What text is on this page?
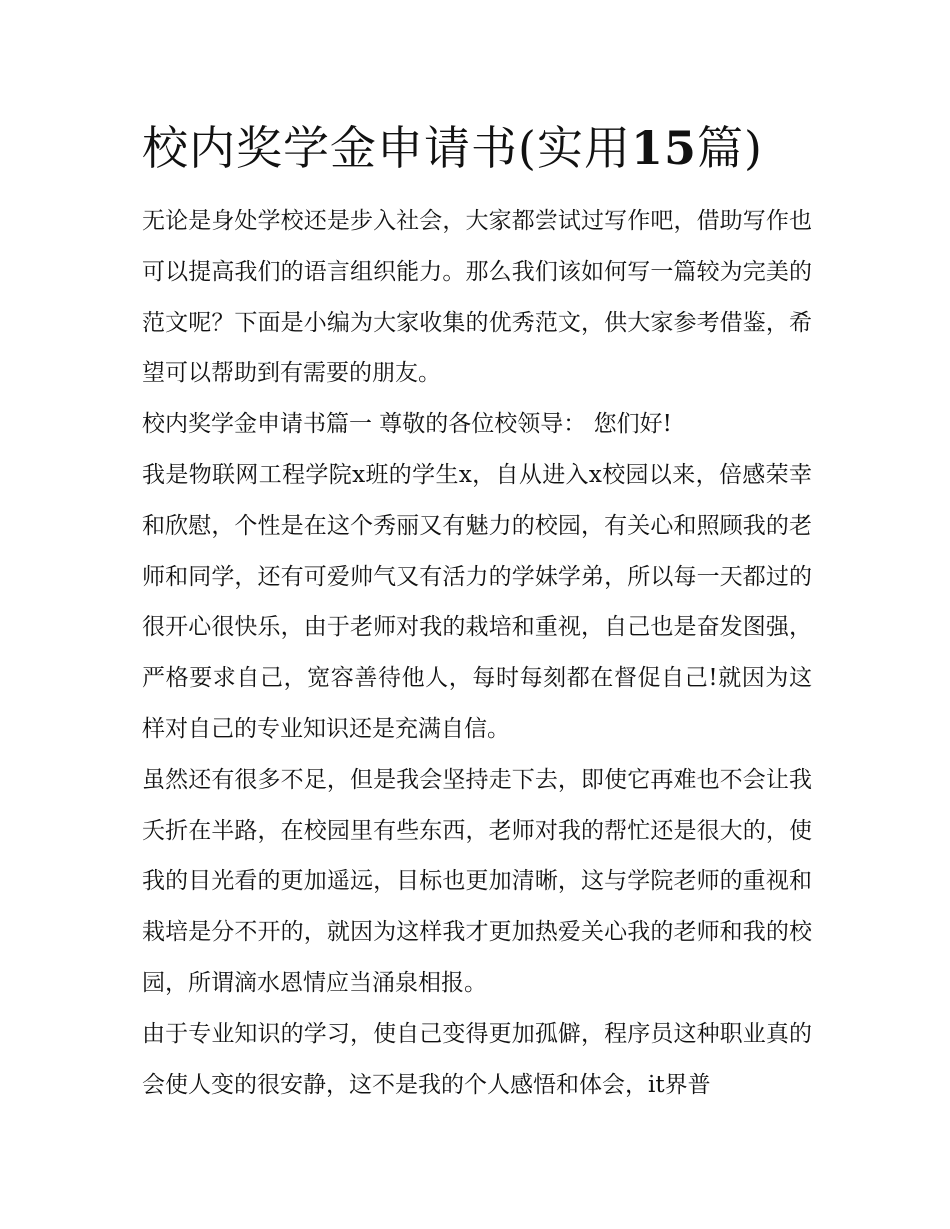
校内奖学金申请书(实用15篇)

无论是身处学校还是步入社会，大家都尝试过写作吧，借助写作也可以提高我们的语言组织能力。那么我们该如何写一篇较为完美的范文呢？下面是小编为大家收集的优秀范文，供大家参考借鉴，希望可以帮助到有需要的朋友。

校内奖学金申请书篇一 尊敬的各位校领导： 您们好!

我是物联网工程学院x班的学生x，自从进入x校园以来，倍感荣幸和欣慰，个性是在这个秀丽又有魅力的校园，有关心和照顾我的老师和同学，还有可爱帅气又有活力的学妹学弟，所以每一天都过的很开心很快乐，由于老师对我的栽培和重视，自己也是奋发图强，严格要求自己，宽容善待他人，每时每刻都在督促自己!就因为这样对自己的专业知识还是充满自信。

虽然还有很多不足，但是我会坚持走下去，即使它再难也不会让我夭折在半路，在校园里有些东西，老师对我的帮忙还是很大的，使我的目光看的更加遥远，目标也更加清晰，这与学院老师的重视和栽培是分不开的，就因为这样我才更加热爱关心我的老师和我的校园，所谓滴水恩情应当涌泉相报。

由于专业知识的学习，使自己变得更加孤僻，程序员这种职业真的会使人变的很安静，这不是我的个人感悟和体会，it界普
